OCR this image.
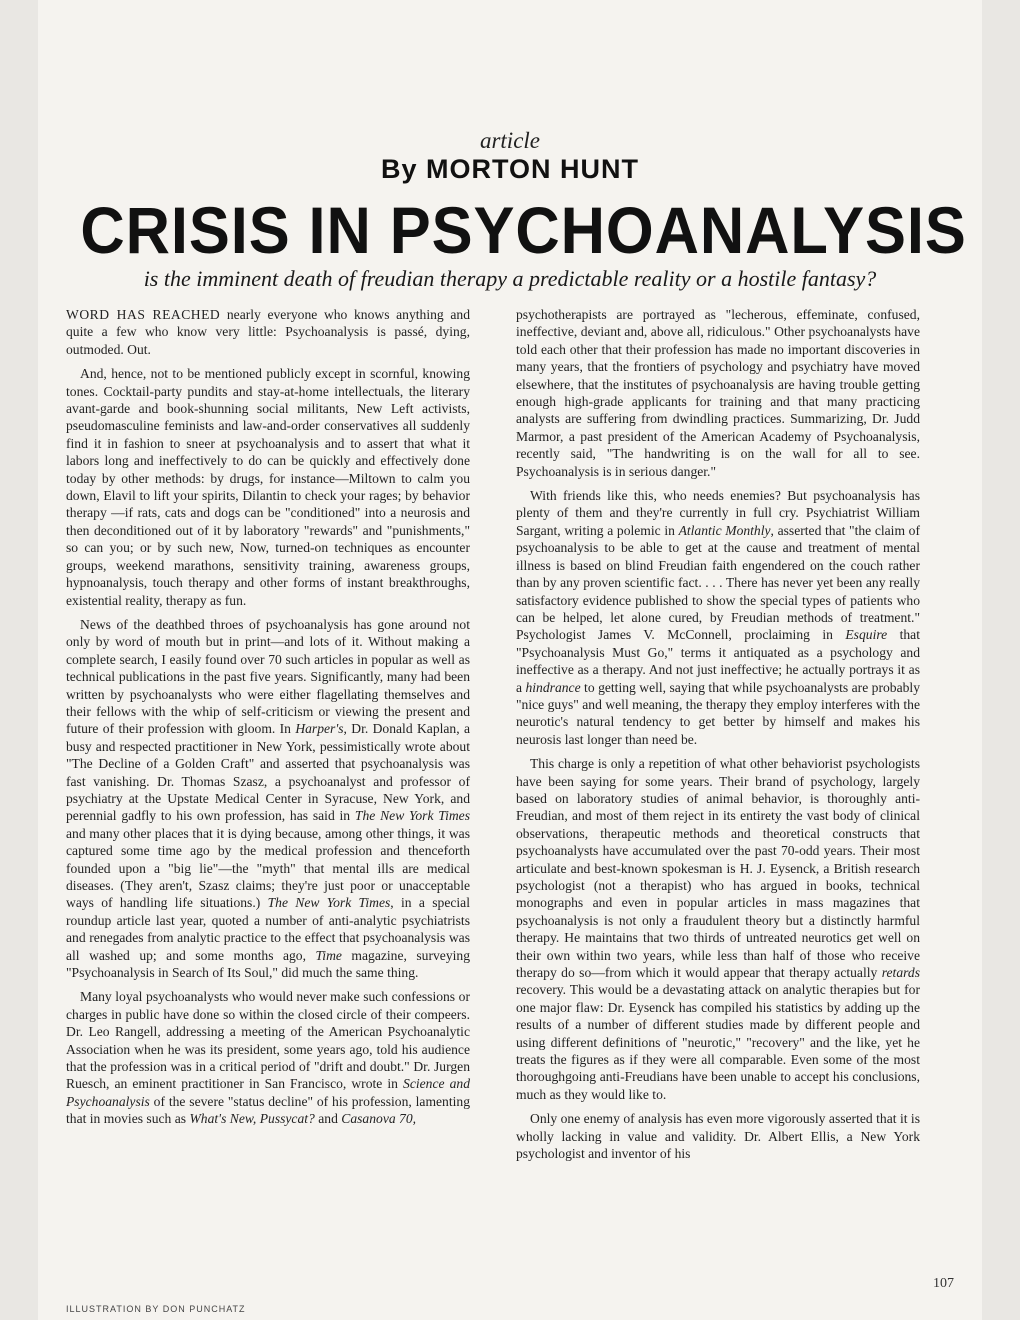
article
By MORTON HUNT
CRISIS IN PSYCHOANALYSIS
is the imminent death of freudian therapy a predictable reality or a hostile fantasy?

WORD HAS REACHED nearly everyone who knows anything and quite a few who know very little: Psychoanalysis is passé, dying, outmoded. Out.

And, hence, not to be mentioned publicly except in scornful, knowing tones. Cocktail-party pundits and stay-at-home intellectuals, the literary avant-garde and book-shunning social militants, New Left activists, pseudomasculine feminists and law-and-order conservatives all suddenly find it in fashion to sneer at psychoanalysis and to assert that what it labors long and ineffectively to do can be quickly and effectively done today by other methods: by drugs, for instance—Miltown to calm you down, Elavil to lift your spirits, Dilantin to check your rages; by behavior therapy —if rats, cats and dogs can be "conditioned" into a neurosis and then deconditioned out of it by laboratory "rewards" and "punishments," so can you; or by such new, Now, turned-on techniques as encounter groups, weekend marathons, sensitivity training, awareness groups, hypnoanalysis, touch therapy and other forms of instant breakthroughs, existential reality, therapy as fun.

News of the deathbed throes of psychoanalysis has gone around not only by word of mouth but in print—and lots of it. Without making a complete search, I easily found over 70 such articles in popular as well as technical publications in the past five years. Significantly, many had been written by psychoanalysts who were either flagellating themselves and their fellows with the whip of self-criticism or viewing the present and future of their profession with gloom. In Harper's, Dr. Donald Kaplan, a busy and respected practitioner in New York, pessimistically wrote about "The Decline of a Golden Craft" and asserted that psychoanalysis was fast vanishing. Dr. Thomas Szasz, a psychoanalyst and professor of psychiatry at the Upstate Medical Center in Syracuse, New York, and perennial gadfly to his own profession, has said in The New York Times and many other places that it is dying because, among other things, it was captured some time ago by the medical profession and thenceforth founded upon a "big lie"—the "myth" that mental ills are medical diseases. (They aren't, Szasz claims; they're just poor or unacceptable ways of handling life situations.) The New York Times, in a special roundup article last year, quoted a number of anti-analytic psychiatrists and renegades from analytic practice to the effect that psychoanalysis was all washed up; and some months ago, Time magazine, surveying "Psychoanalysis in Search of Its Soul," did much the same thing.

Many loyal psychoanalysts who would never make such confessions or charges in public have done so within the closed circle of their compeers. Dr. Leo Rangell, addressing a meeting of the American Psychoanalytic Association when he was its president, some years ago, told his audience that the profession was in a critical period of "drift and doubt." Dr. Jurgen Ruesch, an eminent practitioner in San Francisco, wrote in Science and Psychoanalysis of the severe "status decline" of his profession, lamenting that in movies such as What's New, Pussycat? and Casanova 70,

psychotherapists are portrayed as "lecherous, effeminate, confused, ineffective, deviant and, above all, ridiculous." Other psychoanalysts have told each other that their profession has made no important discoveries in many years, that the frontiers of psychology and psychiatry have moved elsewhere, that the institutes of psychoanalysis are having trouble getting enough high-grade applicants for training and that many practicing analysts are suffering from dwindling practices. Summarizing, Dr. Judd Marmor, a past president of the American Academy of Psychoanalysis, recently said, "The handwriting is on the wall for all to see. Psychoanalysis is in serious danger."

With friends like this, who needs enemies? But psychoanalysis has plenty of them and they're currently in full cry. Psychiatrist William Sargant, writing a polemic in Atlantic Monthly, asserted that "the claim of psychoanalysis to be able to get at the cause and treatment of mental illness is based on blind Freudian faith engendered on the couch rather than by any proven scientific fact. . . . There has never yet been any really satisfactory evidence published to show the special types of patients who can be helped, let alone cured, by Freudian methods of treatment." Psychologist James V. McConnell, proclaiming in Esquire that "Psychoanalysis Must Go," terms it antiquated as a psychology and ineffective as a therapy. And not just ineffective; he actually portrays it as a hindrance to getting well, saying that while psychoanalysts are probably "nice guys" and well meaning, the therapy they employ interferes with the neurotic's natural tendency to get better by himself and makes his neurosis last longer than need be.

This charge is only a repetition of what other behaviorist psychologists have been saying for some years. Their brand of psychology, largely based on laboratory studies of animal behavior, is thoroughly anti-Freudian, and most of them reject in its entirety the vast body of clinical observations, therapeutic methods and theoretical constructs that psychoanalysts have accumulated over the past 70-odd years. Their most articulate and best-known spokesman is H. J. Eysenck, a British research psychologist (not a therapist) who has argued in books, technical monographs and even in popular articles in mass magazines that psychoanalysis is not only a fraudulent theory but a distinctly harmful therapy. He maintains that two thirds of untreated neurotics get well on their own within two years, while less than half of those who receive therapy do so—from which it would appear that therapy actually retards recovery. This would be a devastating attack on analytic therapies but for one major flaw: Dr. Eysenck has compiled his statistics by adding up the results of a number of different studies made by different people and using different definitions of "neurotic," "recovery" and the like, yet he treats the figures as if they were all comparable. Even some of the most thoroughgoing anti-Freudians have been unable to accept his conclusions, much as they would like to.

Only one enemy of analysis has even more vigorously asserted that it is wholly lacking in value and validity. Dr. Albert Ellis, a New York psychologist and inventor of his

107
ILLUSTRATION BY DON PUNCHATZ
